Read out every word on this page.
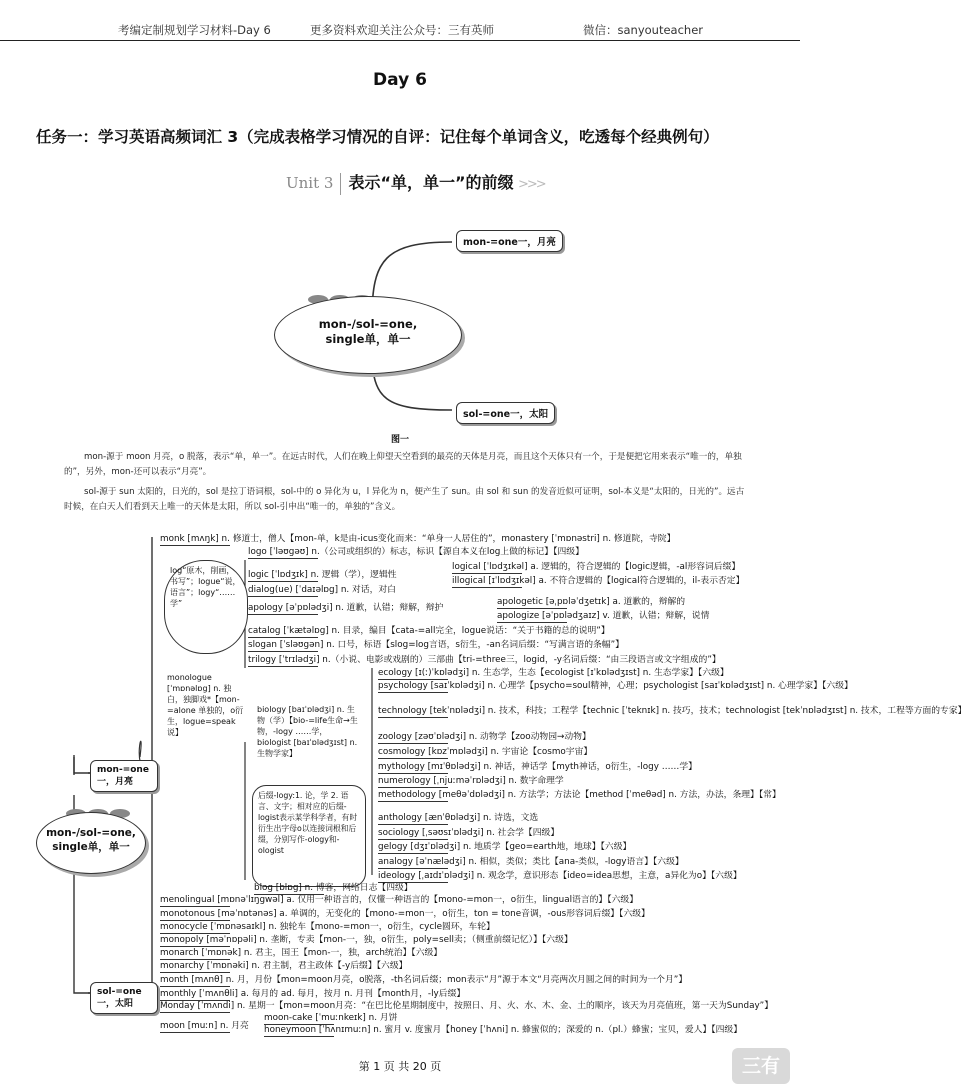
考编定制规划学习材料-Day 6	更多资料欢迎关注公众号：三有英师	微信：sanyouteacher
Day 6
任务一：学习英语高频词汇 3（完成表格学习情况的自评：记住每个单词含义，吃透每个经典例句）
Unit 3 表示“单，单一”的前缀 >>>
mon-/sol-=one,
single单，单一
mon-=one一，月亮
sol-=one一，太阳
图一
mon-源于 moon 月亮，o 脱落，表示“单，单一”。在远古时代，人们在晚上仰望天空看到的最亮的天体是月亮，而且这个天体只有一个，于是便把它用来表示“唯一的，单独的”，另外，mon-还可以表示“月亮”。
sol-源于 sun 太阳的，日光的，sol 是拉丁语词根，sol-中的 o 异化为 u，l 异化为 n，便产生了 sun。由 sol 和 sun 的发音近似可证明，sol-本义是“太阳的，日光的”。远古时候，在白天人们看到天上唯一的天体是太阳，所以 sol-引申出“唯一的，单独的”含义。
mon-/sol-=one,
single单，单一
mon-=one一，月亮
sol-=one一，太阳
log“原木，削画，书写”；logue“说，语言”；logy“……学”
monologue [ˈmɒnəlɒg] n. 独白，独脚戏*【mon-=alone 单独的，o衍生，logue=speak说】
后缀-logy:1. 论，学 2. 语言、文字；相对应的后缀-logist表示某学科学者，有时衍生出字母o以连接词根和后缀，分别写作-ology和-ologist
biology [baɪˈɒlədʒi] n. 生物（学）【bio-=life生命→生物，-logy ……学，biologist [baɪˈɒlədʒɪst] n. 生物学家】
monk [mʌŋk] n. 修道士，僧人【mon-单，k是由-icus变化而来：“单身一人居住的”，monastery [ˈmɒnəstri] n. 修道院，寺院】
logo [ˈləʊgəʊ] n.（公司或组织的）标志，标识【源自本义在log上做的标记】【四级】
logic [ˈlɒdʒɪk] n. 逻辑（学），逻辑性
logical [ˈlɒdʒɪkəl] a. 逻辑的，符合逻辑的【logic逻辑，-al形容词后缀】
illogical [ɪˈlɒdʒɪkəl] a. 不符合逻辑的【logical符合逻辑的，il-表示否定】
dialog(ue) [ˈdaɪəlɒg] n. 对话，对白
apology [əˈpɒlədʒi] n. 道歉，认错；辩解，辩护
apologetic [əˌpɒləˈdʒetɪk] a. 道歉的，辩解的
apologize [əˈpɒlədʒaɪz] v. 道歉，认错；辩解，说情
catalog [ˈkætəlɒg] n. 目录，编目【cata-=all完全，logue说话：“关于书籍的总的说明”】
slogan [ˈsləʊgən] n. 口号，标语【slog=log言语，s衍生，-an名词后缀：“写满言语的条幅”】
trilogy [ˈtrɪlədʒi] n.（小说、电影或戏剧的）三部曲【tri-=three三，logid，-y名词后缀：“由三段语言或文字组成的”】
ecology [ɪ(ː)ˈkɒlədʒi] n. 生态学，生态【ecologist [ɪˈkɒlədʒɪst] n. 生态学家】【六级】
psychology [saɪˈkɒlədʒi] n. 心理学【psycho=soul精神，心理；psychologist [saɪˈkɒlədʒɪst] n. 心理学家】【六级】
technology [tekˈnɒlədʒi] n. 技术，科技；工程学【technic [ˈteknɪk] n. 技巧，技术；technologist [tekˈnɒlədʒɪst] n. 技术，工程等方面的专家】
zoology [zəʊˈɒlədʒi] n. 动物学【zoo动物园→动物】
cosmology [kɒzˈmɒlədʒi] n. 宇宙论【cosmo宇宙】
mythology [mɪˈθɒlədʒi] n. 神话，神话学【myth神话，o衍生，-logy ……学】
numerology [ˌnjuːməˈrɒlədʒi] n. 数字命理学
methodology [meθəˈdɒlədʒi] n. 方法学；方法论【method [ˈmeθəd] n. 方法，办法，条理】【常】
anthology [ænˈθɒlədʒi] n. 诗选，文选
sociology [ˌsəʊsɪˈɒlədʒi] n. 社会学【四级】
gelogy [dʒɪˈɒlədʒi] n. 地质学【geo=earth地，地球】【六级】
analogy [əˈnælədʒi] n. 相似，类似；类比【ana-类似，-logy语言】【六级】
ideology [ˌaɪdɪˈɒlədʒi] n. 观念学，意识形态【ideo=idea思想，主意，a异化为o】【六级】
blog [blɒg] n. 博客，网络日志【四级】
menolingual [mɒnəˈlɪŋgwəl] a. 仅用一种语言的，仅懂一种语言的【mono-=mon一，o衍生，lingual语言的】【六级】
monotonous [məˈnɒtənəs] a. 单调的，无变化的【mono-=mon一，o衍生，ton = tone音调，-ous形容词后缀】【六级】
monocycle [ˈmɒnəsaɪkl] n. 独轮车【mono-=mon一，o衍生，cycle圆环，车轮】
monopoly [məˈnɒpəli] n. 垄断，专卖【mon-一，独，o衍生，poly=sell卖；（侧重前缀记忆）】【六级】
monarch [ˈmɒnək] n. 君主，国王【mon-一，独，arch统治】【六级】
monarchy [ˈmɒnəki] n. 君主制，君主政体【-y后缀】【六级】
month [mʌnθ] n. 月，月份【mon=moon月亮，o脱落，-th名词后缀；mon表示“月”源于本文“月亮两次月圆之间的时间为一个月”】
monthly [ˈmʌnθli] a. 每月的 ad. 每月，按月 n. 月刊【month月，-ly后缀】
Monday [ˈmʌndi] n. 星期一【mon=moon月亮：“在巴比伦星期制度中，按照日、月、火、水、木、金、土的顺序，该天为月亮值班，第一天为Sunday”】
moon-cake [ˈmuːnkeɪk] n. 月饼
moon [muːn] n. 月亮 honeymoon [ˈhʌnɪmuːn] n. 蜜月 v. 度蜜月【honey [ˈhʌni] n. 蜂蜜似的；深爱的 n.（pl.）蜂蜜；宝贝，爱人】【四级】
第 1 页 共 20 页	三有
